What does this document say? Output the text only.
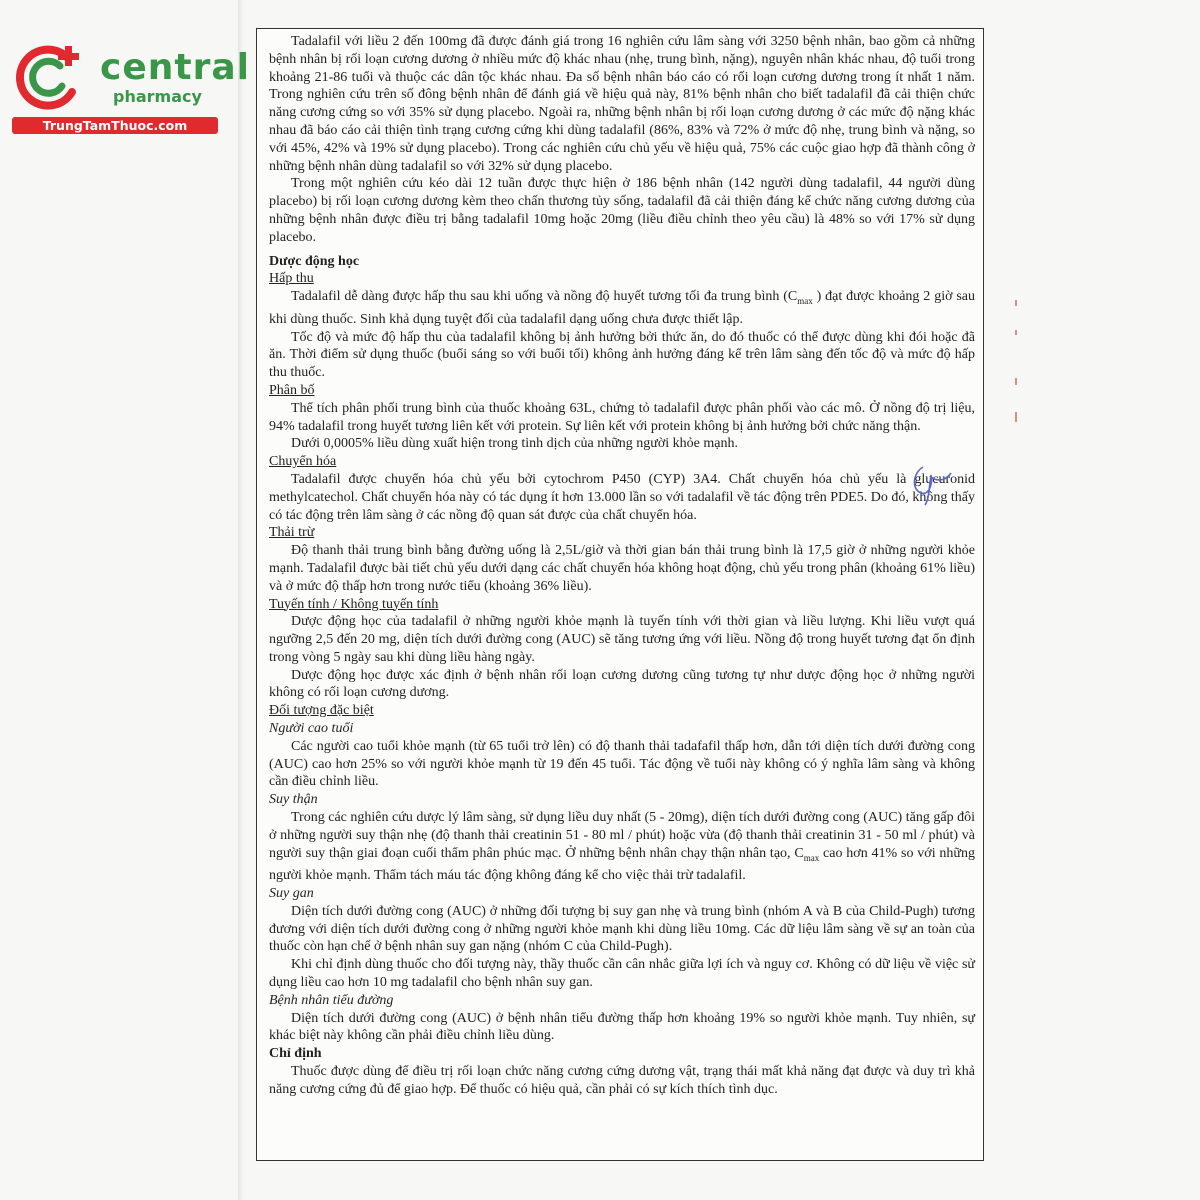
central
pharmacy
TrungTamThuoc.com

Tadalafil với liều 2 đến 100mg đã được đánh giá trong 16 nghiên cứu lâm sàng với 3250 bệnh nhân, bao gồm cả những bệnh nhân bị rối loạn cương dương ở nhiều mức độ khác nhau (nhẹ, trung bình, nặng), nguyên nhân khác nhau, độ tuổi trong khoảng 21-86 tuổi và thuộc các dân tộc khác nhau. Đa số bệnh nhân báo cáo có rối loạn cương dương trong ít nhất 1 năm. Trong nghiên cứu trên số đông bệnh nhân để đánh giá về hiệu quả này, 81% bệnh nhân cho biết tadalafil đã cải thiện chức năng cương cứng so với 35% sử dụng placebo. Ngoài ra, những bệnh nhân bị rối loạn cương dương ở các mức độ nặng khác nhau đã báo cáo cải thiện tình trạng cương cứng khi dùng tadalafil (86%, 83% và 72% ở mức độ nhẹ, trung bình và nặng, so với 45%, 42% và 19% sử dụng placebo). Trong các nghiên cứu chủ yếu về hiệu quả, 75% các cuộc giao hợp đã thành công ở những bệnh nhân dùng tadalafil so với 32% sử dụng placebo.

Trong một nghiên cứu kéo dài 12 tuần được thực hiện ở 186 bệnh nhân (142 người dùng tadalafil, 44 người dùng placebo) bị rối loạn cương dương kèm theo chấn thương tủy sống, tadalafil đã cải thiện đáng kể chức năng cương dương của những bệnh nhân được điều trị bằng tadalafil 10mg hoặc 20mg (liều điều chỉnh theo yêu cầu) là 48% so với 17% sử dụng placebo.

Dược động học

Hấp thu

Tadalafil dễ dàng được hấp thu sau khi uống và nồng độ huyết tương tối đa trung bình ($C_{max}$ ) đạt được khoảng 2 giờ sau khi dùng thuốc. Sinh khả dụng tuyệt đối của tadalafil dạng uống chưa được thiết lập.

Tốc độ và mức độ hấp thu của tadalafil không bị ảnh hưởng bởi thức ăn, do đó thuốc có thể được dùng khi đói hoặc đã ăn. Thời điểm sử dụng thuốc (buổi sáng so với buổi tối) không ảnh hưởng đáng kể trên lâm sàng đến tốc độ và mức độ hấp thu thuốc.

Phân bố

Thể tích phân phối trung bình của thuốc khoảng 63L, chứng tỏ tadalafil được phân phối vào các mô. Ở nồng độ trị liệu, 94% tadalafil trong huyết tương liên kết với protein. Sự liên kết với protein không bị ảnh hưởng bởi chức năng thận.

Dưới 0,0005% liều dùng xuất hiện trong tinh dịch của những người khỏe mạnh.

Chuyển hóa

Tadalafil được chuyển hóa chủ yếu bởi cytochrom P450 (CYP) 3A4. Chất chuyển hóa chủ yếu là glucuronid methylcatechol. Chất chuyển hóa này có tác dụng ít hơn 13.000 lần so với tadalafil về tác động trên PDE5. Do đó, không thấy có tác động trên lâm sàng ở các nồng độ quan sát được của chất chuyển hóa.

Thải trừ

Độ thanh thải trung bình bằng đường uống là 2,5L/giờ và thời gian bán thải trung bình là 17,5 giờ ở những người khỏe mạnh. Tadalafil được bài tiết chủ yếu dưới dạng các chất chuyển hóa không hoạt động, chủ yếu trong phân (khoảng 61% liều) và ở mức độ thấp hơn trong nước tiểu (khoảng 36% liều).

Tuyến tính / Không tuyến tính

Dược động học của tadalafil ở những người khỏe mạnh là tuyến tính với thời gian và liều lượng. Khi liều vượt quá ngưỡng 2,5 đến 20 mg, diện tích dưới đường cong (AUC) sẽ tăng tương ứng với liều. Nồng độ trong huyết tương đạt ổn định trong vòng 5 ngày sau khi dùng liều hàng ngày.

Dược động học được xác định ở bệnh nhân rối loạn cương dương cũng tương tự như dược động học ở những người không có rối loạn cương dương.

Đối tượng đặc biệt

Người cao tuổi

Các người cao tuổi khỏe mạnh (từ 65 tuổi trở lên) có độ thanh thải tadafafil thấp hơn, dẫn tới diện tích dưới đường cong (AUC) cao hơn 25% so với người khỏe mạnh từ 19 đến 45 tuổi. Tác động về tuổi này không có ý nghĩa lâm sàng và không cần điều chỉnh liều.

Suy thận

Trong các nghiên cứu dược lý lâm sàng, sử dụng liều duy nhất (5 - 20mg), diện tích dưới đường cong (AUC) tăng gấp đôi ở những người suy thận nhẹ (độ thanh thải creatinin 51 - 80 ml / phút) hoặc vừa (độ thanh thải creatinin 31 - 50 ml / phút) và người suy thận giai đoạn cuối thẩm phân phúc mạc. Ở những bệnh nhân chạy thận nhân tạo, $C_{max}$ cao hơn 41% so với những người khỏe mạnh. Thẩm tách máu tác động không đáng kể cho việc thải trừ tadalafil.

Suy gan

Diện tích dưới đường cong (AUC) ở những đối tượng bị suy gan nhẹ và trung bình (nhóm A và B của Child-Pugh) tương đương với diện tích dưới đường cong ở những người khỏe mạnh khi dùng liều 10mg. Các dữ liệu lâm sàng về sự an toàn của thuốc còn hạn chế ở bệnh nhân suy gan nặng (nhóm C của Child-Pugh).

Khi chỉ định dùng thuốc cho đối tượng này, thầy thuốc cần cân nhắc giữa lợi ích và nguy cơ. Không có dữ liệu về việc sử dụng liều cao hơn 10 mg tadalafil cho bệnh nhân suy gan.

Bệnh nhân tiểu đường

Diện tích dưới đường cong (AUC) ở bệnh nhân tiểu đường thấp hơn khoảng 19% so người khỏe mạnh. Tuy nhiên, sự khác biệt này không cần phải điều chỉnh liều dùng.

Chỉ định

Thuốc được dùng để điều trị rối loạn chức năng cương cứng dương vật, trạng thái mất khả năng đạt được và duy trì khả năng cương cứng đủ để giao hợp. Để thuốc có hiệu quả, cần phải có sự kích thích tình dục.
